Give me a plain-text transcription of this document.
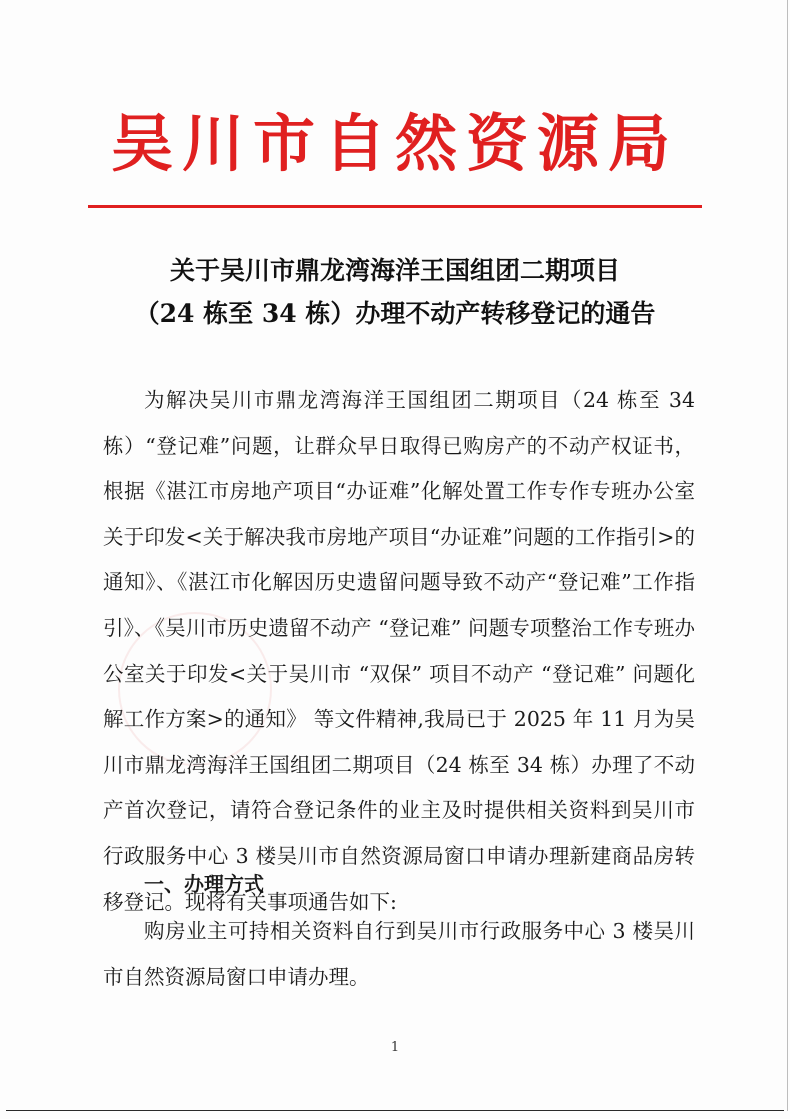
吴川市自然资源局
关于吴川市鼎龙湾海洋王国组团二期项目
（24 栋至 34 栋）办理不动产转移登记的通告

为解决吴川市鼎龙湾海洋王国组团二期项目（24 栋至 34 栋）“登记难”问题，让群众早日取得已购房产的不动产权证书，根据《湛江市房地产项目“办证难”化解处置工作专作专班办公室关于印发<关于解决我市房地产项目“办证难”问题的工作指引>的通知》、《湛江市化解因历史遗留问题导致不动产“登记难”工作指引》、《吴川市历史遗留不动产 “登记难” 问题专项整治工作专班办公室关于印发<关于吴川市 “双保” 项目不动产 “登记难” 问题化解工作方案>的通知》 等文件精神,我局已于 2025 年 11 月为吴川市鼎龙湾海洋王国组团二期项目（24 栋至 34 栋）办理了不动产首次登记，请符合登记条件的业主及时提供相关资料到吴川市行政服务中心 3 楼吴川市自然资源局窗口申请办理新建商品房转移登记。现将有关事项通告如下:

一、办理方式

购房业主可持相关资料自行到吴川市行政服务中心 3 楼吴川市自然资源局窗口申请办理。

1
